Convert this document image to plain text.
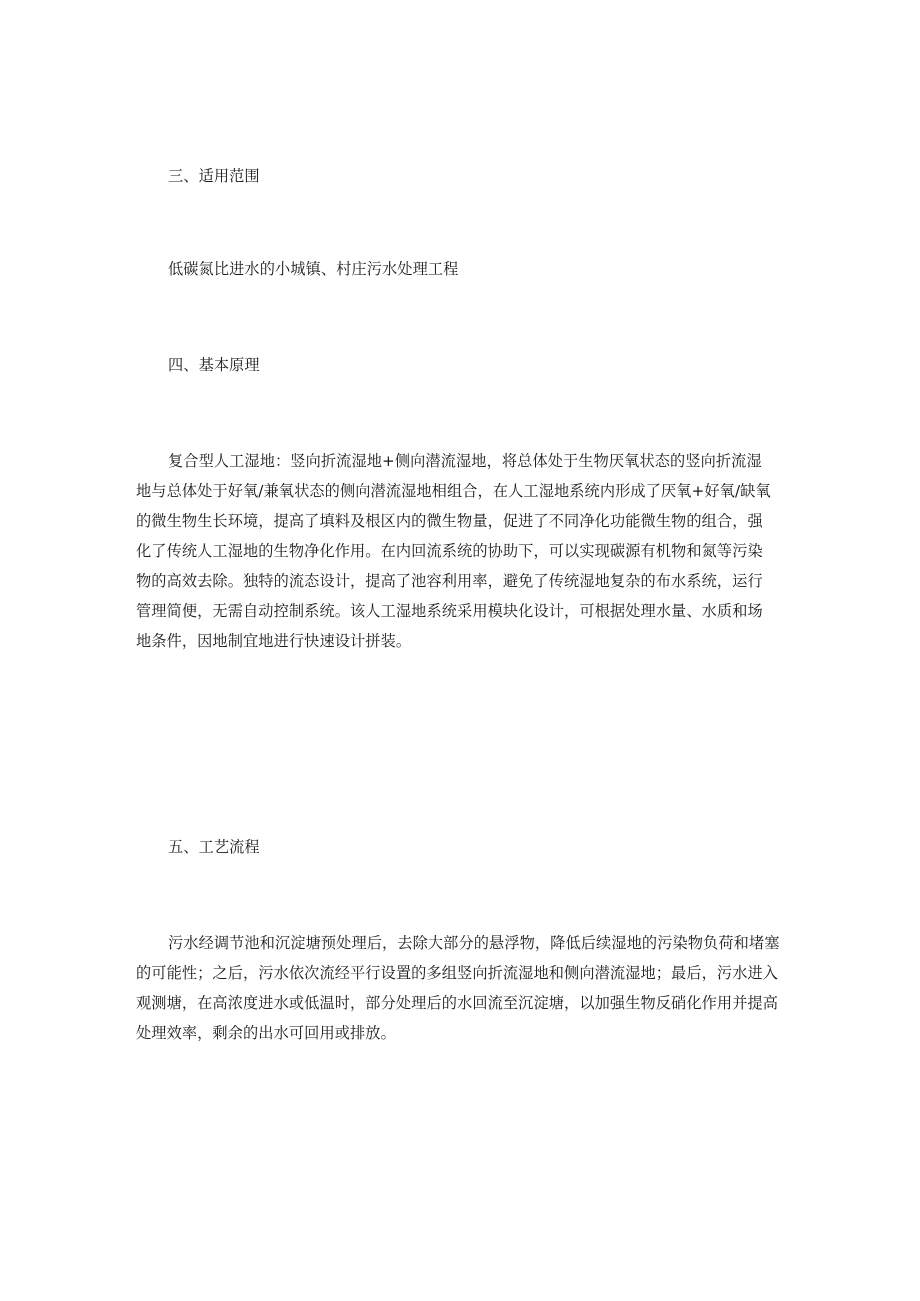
三、适用范围

低碳氮比进水的小城镇、村庄污水处理工程

四、基本原理

复合型人工湿地：竖向折流湿地+侧向潜流湿地，将总体处于生物厌氧状态的竖向折流湿
地与总体处于好氧/兼氧状态的侧向潜流湿地相组合，在人工湿地系统内形成了厌氧+好氧/缺氧
的微生物生长环境，提高了填料及根区内的微生物量，促进了不同净化功能微生物的组合，强
化了传统人工湿地的生物净化作用。在内回流系统的协助下，可以实现碳源有机物和氮等污染
物的高效去除。独特的流态设计，提高了池容利用率，避免了传统湿地复杂的布水系统，运行
管理简便，无需自动控制系统。该人工湿地系统采用模块化设计，可根据处理水量、水质和场
地条件，因地制宜地进行快速设计拼装。

五、工艺流程

污水经调节池和沉淀塘预处理后，去除大部分的悬浮物，降低后续湿地的污染物负荷和堵塞
的可能性；之后，污水依次流经平行设置的多组竖向折流湿地和侧向潜流湿地；最后，污水进入
观测塘，在高浓度进水或低温时，部分处理后的水回流至沉淀塘，以加强生物反硝化作用并提高
处理效率，剩余的出水可回用或排放。
